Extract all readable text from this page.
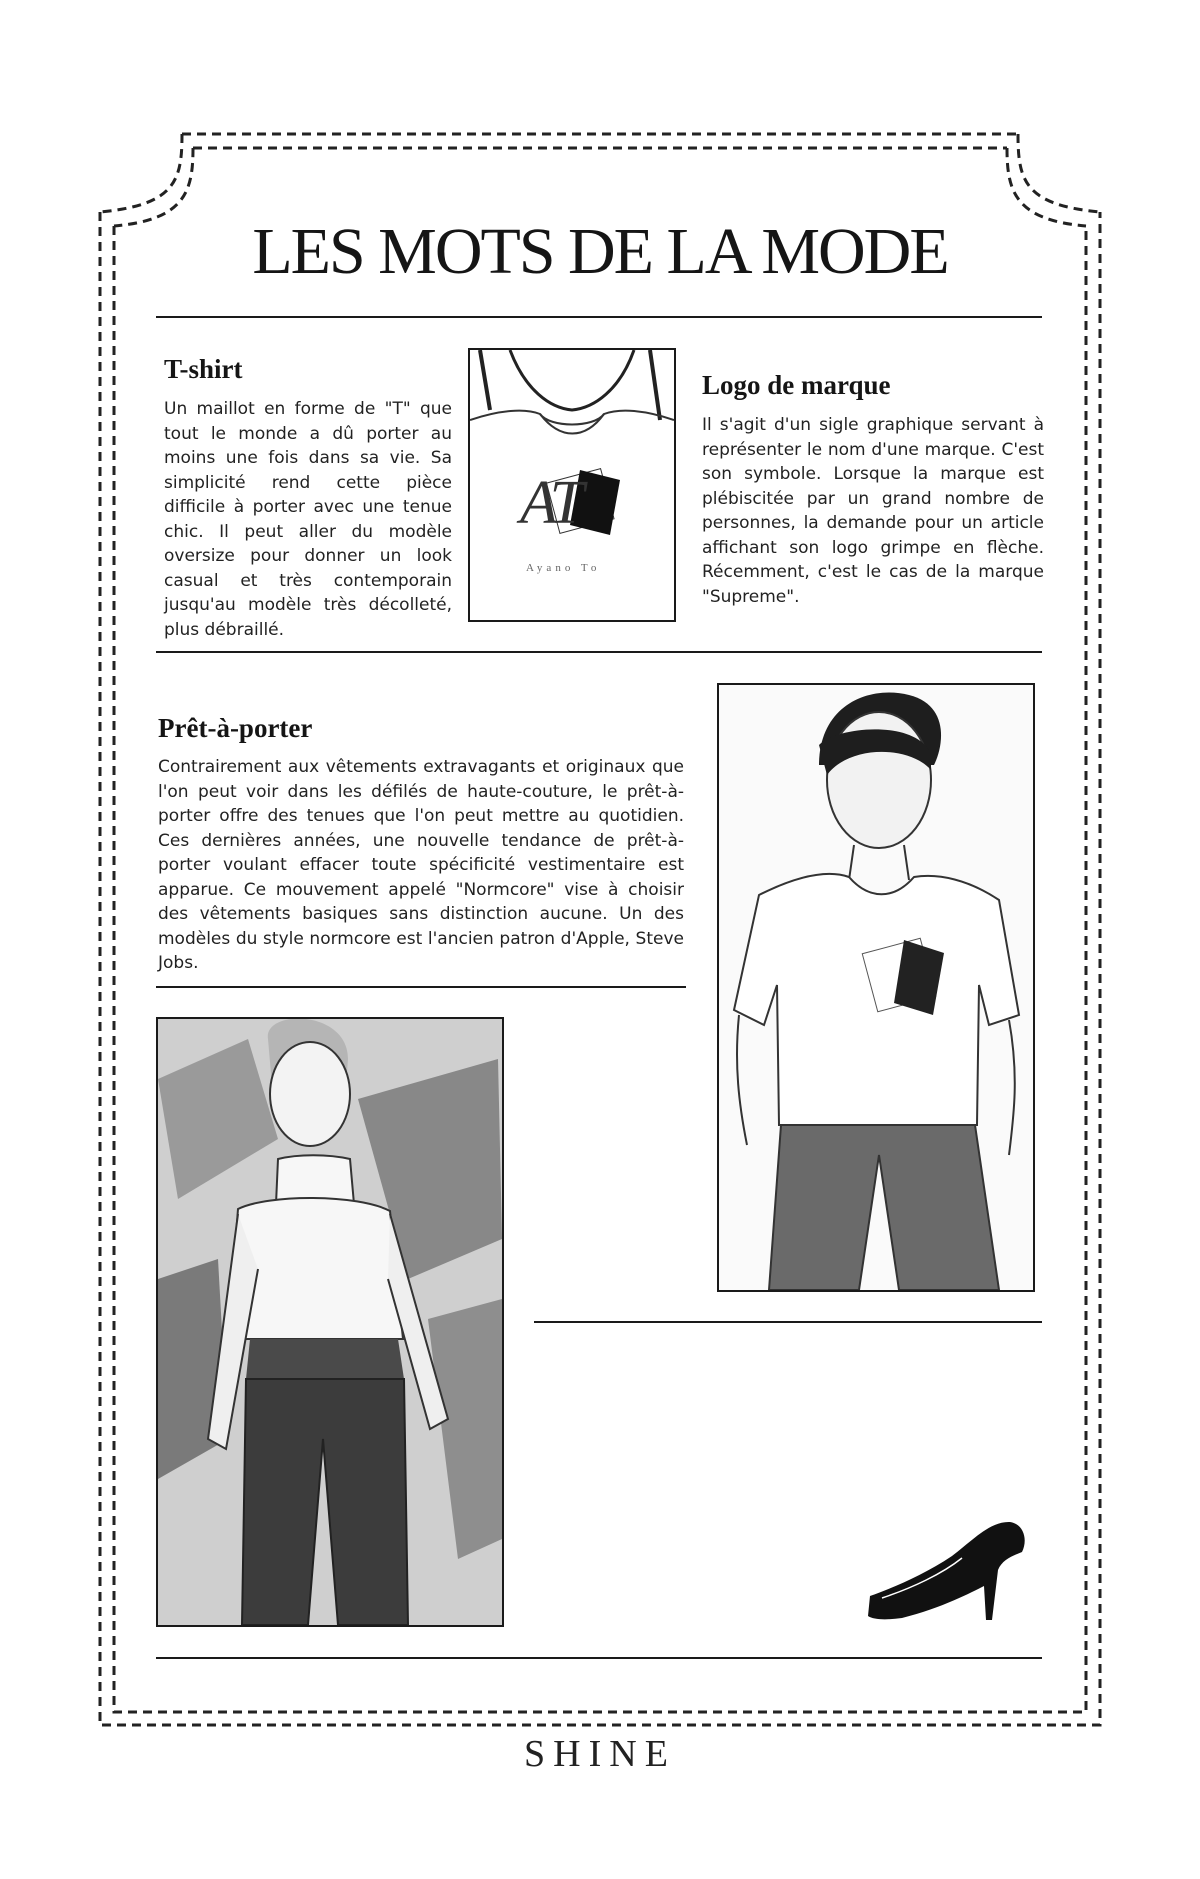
LES MOTS DE LA MODE
T-shirt
Un maillot en forme de "T" que tout le monde a dû porter au moins une fois dans sa vie. Sa simplicité rend cette pièce difficile à porter avec une tenue chic. Il peut aller du modèle oversize pour donner un look casual et très contemporain jusqu'au modèle très décolleté, plus débraillé.
AT
Ayano To
Logo de marque
Il s'agit d'un sigle graphique servant à représenter le nom d'une marque. C'est son symbole. Lorsque la marque est plébiscitée par un grand nombre de personnes, la demande pour un article affichant son logo grimpe en flèche. Récemment, c'est le cas de la marque "Supreme".
Prêt-à-porter
Contrairement aux vêtements extravagants et originaux que l'on peut voir dans les défilés de haute-couture, le prêt-à-porter offre des tenues que l'on peut mettre au quotidien. Ces dernières années, une nouvelle tendance de prêt-à-porter voulant effacer toute spécificité vestimentaire est apparue. Ce mouvement appelé "Normcore" vise à choisir des vêtements basiques sans distinction aucune. Un des modèles du style normcore est l'ancien patron d'Apple, Steve Jobs.
SHINE
